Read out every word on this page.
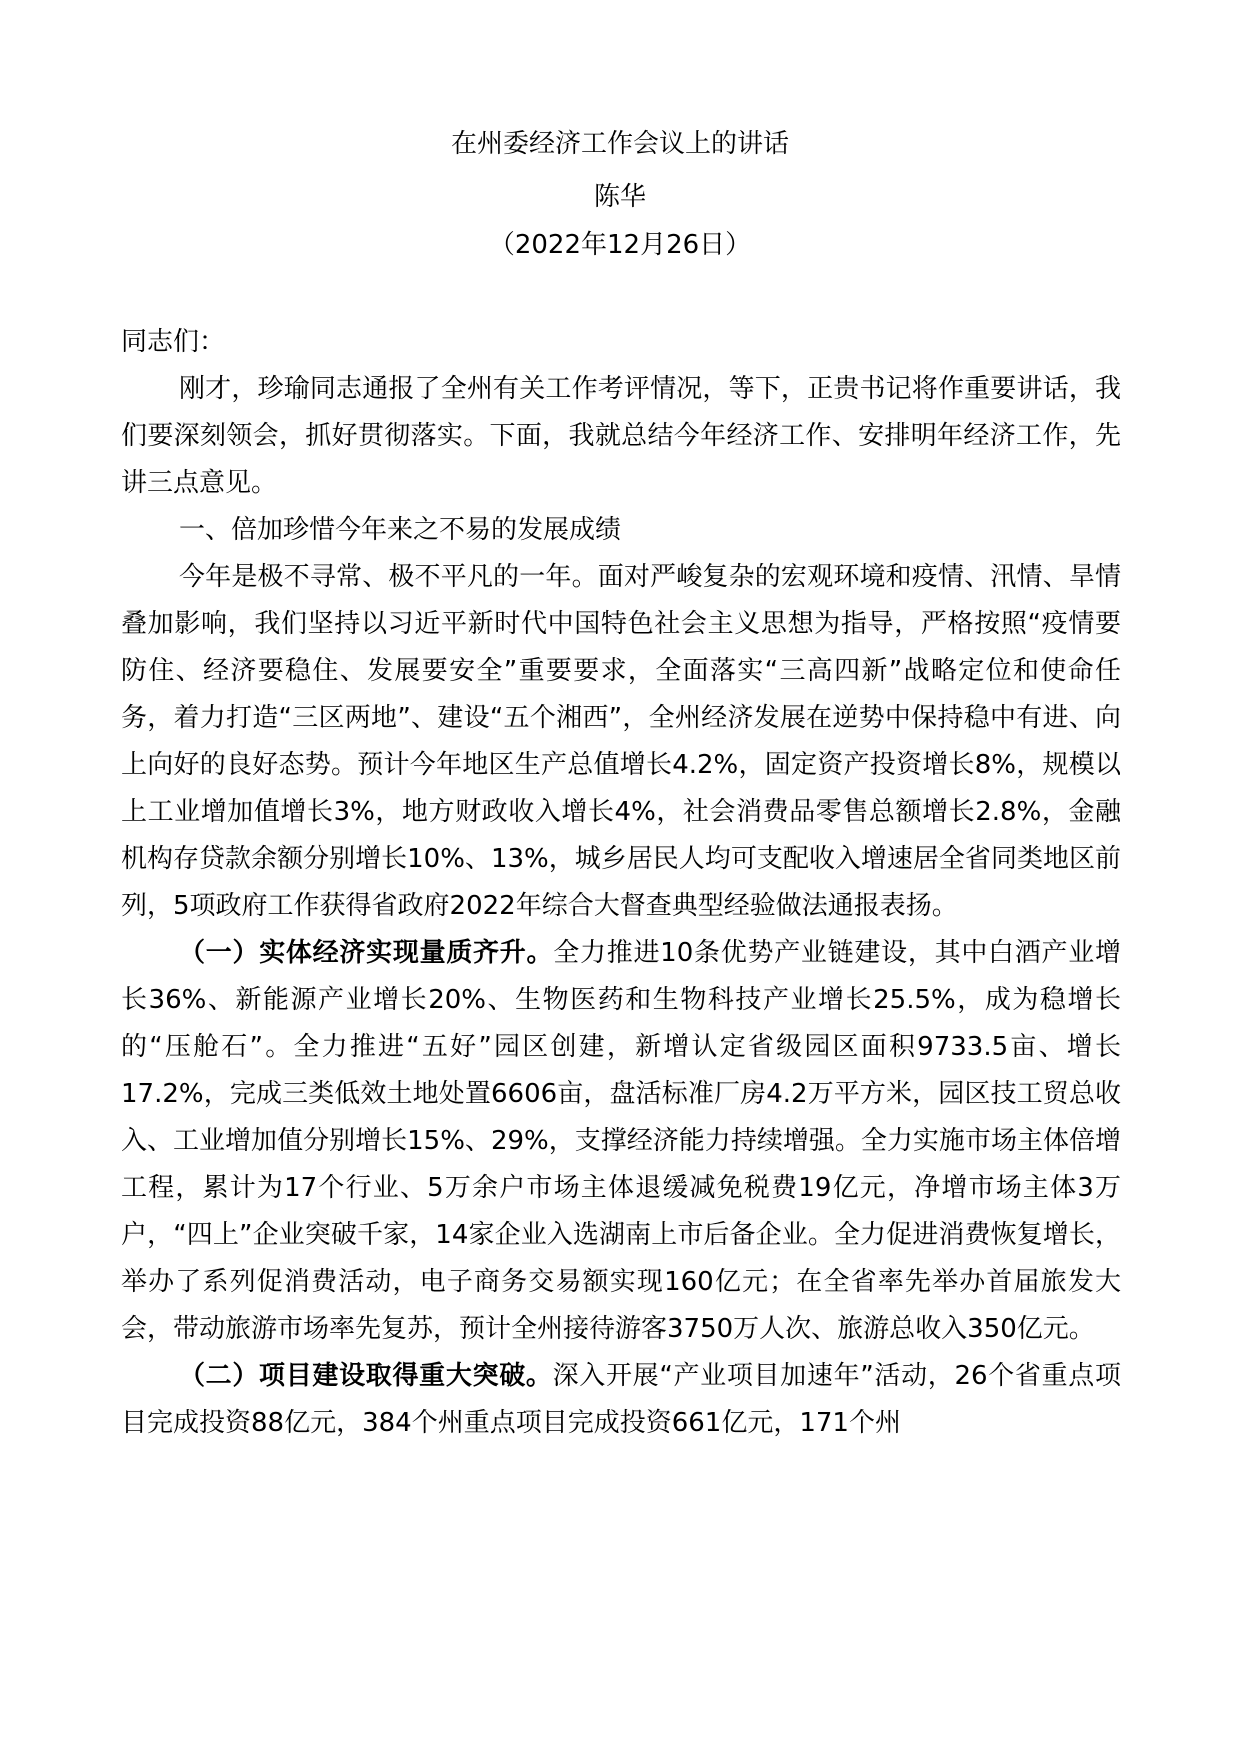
在州委经济工作会议上的讲话
陈华
（2022年12月26日）

同志们：

刚才，珍瑜同志通报了全州有关工作考评情况，等下，正贵书记将作重要讲话，我们要深刻领会，抓好贯彻落实。下面，我就总结今年经济工作、安排明年经济工作，先讲三点意见。

一、倍加珍惜今年来之不易的发展成绩

今年是极不寻常、极不平凡的一年。面对严峻复杂的宏观环境和疫情、汛情、旱情叠加影响，我们坚持以习近平新时代中国特色社会主义思想为指导，严格按照“疫情要防住、经济要稳住、发展要安全”重要要求，全面落实“三高四新”战略定位和使命任务，着力打造“三区两地”、建设“五个湘西”，全州经济发展在逆势中保持稳中有进、向上向好的良好态势。预计今年地区生产总值增长4.2%，固定资产投资增长8%，规模以上工业增加值增长3%，地方财政收入增长4%，社会消费品零售总额增长2.8%，金融机构存贷款余额分别增长10%、13%，城乡居民人均可支配收入增速居全省同类地区前列，5项政府工作获得省政府2022年综合大督查典型经验做法通报表扬。

（一）实体经济实现量质齐升。全力推进10条优势产业链建设，其中白酒产业增长36%、新能源产业增长20%、生物医药和生物科技产业增长25.5%，成为稳增长的“压舱石”。全力推进“五好”园区创建，新增认定省级园区面积9733.5亩、增长17.2%，完成三类低效土地处置6606亩，盘活标准厂房4.2万平方米，园区技工贸总收入、工业增加值分别增长15%、29%，支撑经济能力持续增强。全力实施市场主体倍增工程，累计为17个行业、5万余户市场主体退缓减免税费19亿元，净增市场主体3万户，“四上”企业突破千家，14家企业入选湖南上市后备企业。全力促进消费恢复增长，举办了系列促消费活动，电子商务交易额实现160亿元；在全省率先举办首届旅发大会，带动旅游市场率先复苏，预计全州接待游客3750万人次、旅游总收入350亿元。

（二）项目建设取得重大突破。深入开展“产业项目加速年”活动，26个省重点项目完成投资88亿元，384个州重点项目完成投资661亿元，171个州
